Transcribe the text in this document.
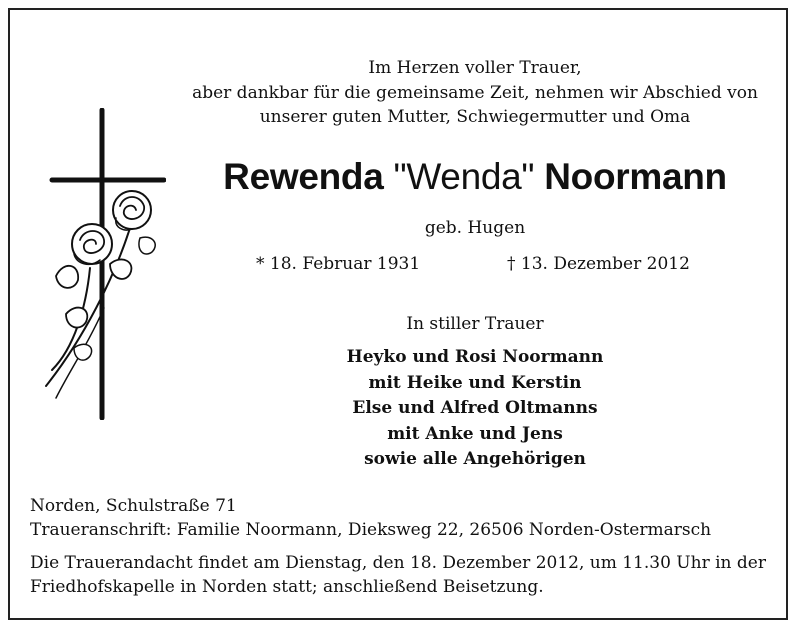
Im Herzen voller Trauer,
aber dankbar für die gemeinsame Zeit, nehmen wir Abschied von
unserer guten Mutter, Schwiegermutter und Oma
Rewenda "Wenda" Noormann
geb. Hugen
* 18. Februar 1931	† 13. Dezember 2012
In stiller Trauer
Heyko und Rosi Noormann
mit Heike und Kerstin
Else und Alfred Oltmanns
mit Anke und Jens
sowie alle Angehörigen
Norden, Schulstraße 71
Traueranschrift: Familie Noormann, Dieksweg 22, 26506 Norden-Ostermarsch
Die Trauerandacht findet am Dienstag, den 18. Dezember 2012, um 11.30 Uhr in der
Friedhofskapelle in Norden statt; anschließend Beisetzung.
